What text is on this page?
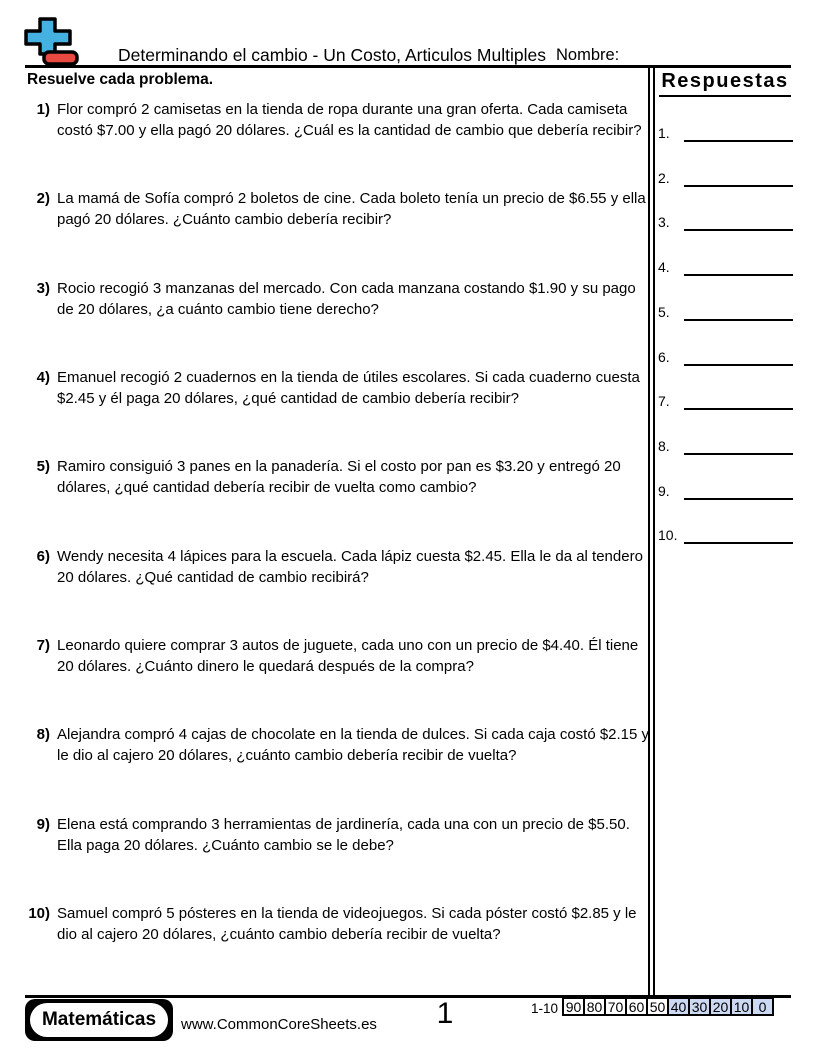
Determinando el cambio - Un Costo, Articulos Multiples Nombre:
Resuelve cada problema.	Respuestas
1.
2.
3.
4.
5.
6.
7.
8.
9.
10.
1) Flor compró 2 camisetas en la tienda de ropa durante una gran oferta. Cada camiseta costó $7.00 y ella pagó 20 dólares. ¿Cuál es la cantidad de cambio que debería recibir?
2) La mamá de Sofía compró 2 boletos de cine. Cada boleto tenía un precio de $6.55 y ella pagó 20 dólares. ¿Cuánto cambio debería recibir?
3) Rocio recogió 3 manzanas del mercado. Con cada manzana costando $1.90 y su pago de 20 dólares, ¿a cuánto cambio tiene derecho?
4) Emanuel recogió 2 cuadernos en la tienda de útiles escolares. Si cada cuaderno cuesta $2.45 y él paga 20 dólares, ¿qué cantidad de cambio debería recibir?
5) Ramiro consiguió 3 panes en la panadería. Si el costo por pan es $3.20 y entregó 20 dólares, ¿qué cantidad debería recibir de vuelta como cambio?
6) Wendy necesita 4 lápices para la escuela. Cada lápiz cuesta $2.45. Ella le da al tendero 20 dólares. ¿Qué cantidad de cambio recibirá?
7) Leonardo quiere comprar 3 autos de juguete, cada uno con un precio de $4.40. Él tiene 20 dólares. ¿Cuánto dinero le quedará después de la compra?
8) Alejandra compró 4 cajas de chocolate en la tienda de dulces. Si cada caja costó $2.15 y le dio al cajero 20 dólares, ¿cuánto cambio debería recibir de vuelta?
9) Elena está comprando 3 herramientas de jardinería, cada una con un precio de $5.50. Ella paga 20 dólares. ¿Cuánto cambio se le debe?
10) Samuel compró 5 pósteres en la tienda de videojuegos. Si cada póster costó $2.85 y le dio al cajero 20 dólares, ¿cuánto cambio debería recibir de vuelta?
Matemáticas	www.CommonCoreSheets.es	1	1-10 90 80 70 60 50 40 30 20 10 0
